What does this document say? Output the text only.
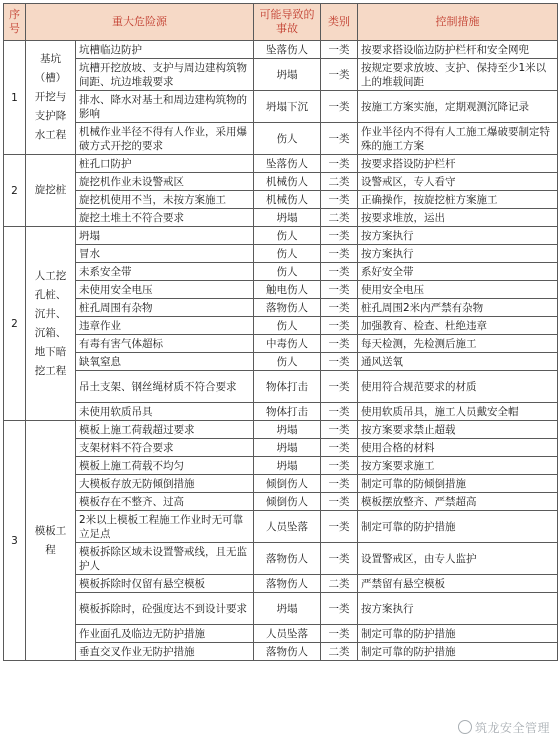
序号	重大危险源		可能导致的事故	类别	控制措施
1	基坑（槽）开挖与支护降水工程	坑槽临边防护	坠落伤人	一类	按要求搭设临边防护栏杆和安全网兜
		坑槽开挖放坡、支护与周边建构筑物间距、坑边堆载要求	坍塌	一类	按规定要求放坡、支护、保持至少1米以上的堆载间距
		排水、降水对基土和周边建构筑物的影响	坍塌下沉	一类	按施工方案实施，定期观测沉降记录
		机械作业半径不得有人作业，采用爆破方式开挖的要求	伤人	一类	作业半径内不得有人工施工爆破要制定特殊的施工方案
2	旋挖桩	桩孔口防护	坠落伤人	一类	按要求搭设防护栏杆
		旋挖机作业未设警戒区	机械伤人	二类	设警戒区，专人看守
		旋挖机使用不当，未按方案施工	机械伤人	一类	正确操作，按旋挖桩方案施工
		旋挖土堆土不符合要求	坍塌	二类	按要求堆放，运出
2	人工挖孔桩、沉井、沉箱、地下暗挖工程	坍塌	伤人	一类	按方案执行
		冒水	伤人	一类	按方案执行
		未系安全带	伤人	一类	系好安全带
		未使用安全电压	触电伤人	一类	使用安全电压
		桩孔周围有杂物	落物伤人	一类	桩孔周围2米内严禁有杂物
		违章作业	伤人	一类	加强教育、检查、杜绝违章
		有毒有害气体超标	中毒伤人	一类	每天检测，先检测后施工
		缺氧窒息	伤人	一类	通风送氧
		吊土支架、钢丝绳材质不符合要求	物体打击	一类	使用符合规范要求的材质
		未使用软质吊具	物体打击	一类	使用软质吊具，施工人员戴安全帽
3	模板工程	模板上施工荷载超过要求	坍塌	一类	按方案要求禁止超载
		支架材料不符合要求	坍塌	一类	使用合格的材料
		模板上施工荷载不均匀	坍塌	一类	按方案要求施工
		大模板存放无防倾倒措施	倾倒伤人	一类	制定可靠的防倾倒措施
		模板存在不整齐、过高	倾倒伤人	一类	模板摆放整齐、严禁超高
		2米以上模板工程施工作业时无可靠立足点	人员坠落	一类	制定可靠的防护措施
		模板拆除区域未设置警戒线，且无监护人	落物伤人	一类	设置警戒区，由专人监护
		模板拆除时仅留有悬空模板	落物伤人	二类	严禁留有悬空模板
		模板拆除时，砼强度达不到设计要求	坍塌	一类	按方案执行
		作业面孔及临边无防护措施	人员坠落	一类	制定可靠的防护措施
		垂直交叉作业无防护措施	落物伤人	二类	制定可靠的防护措施
筑龙安全管理
